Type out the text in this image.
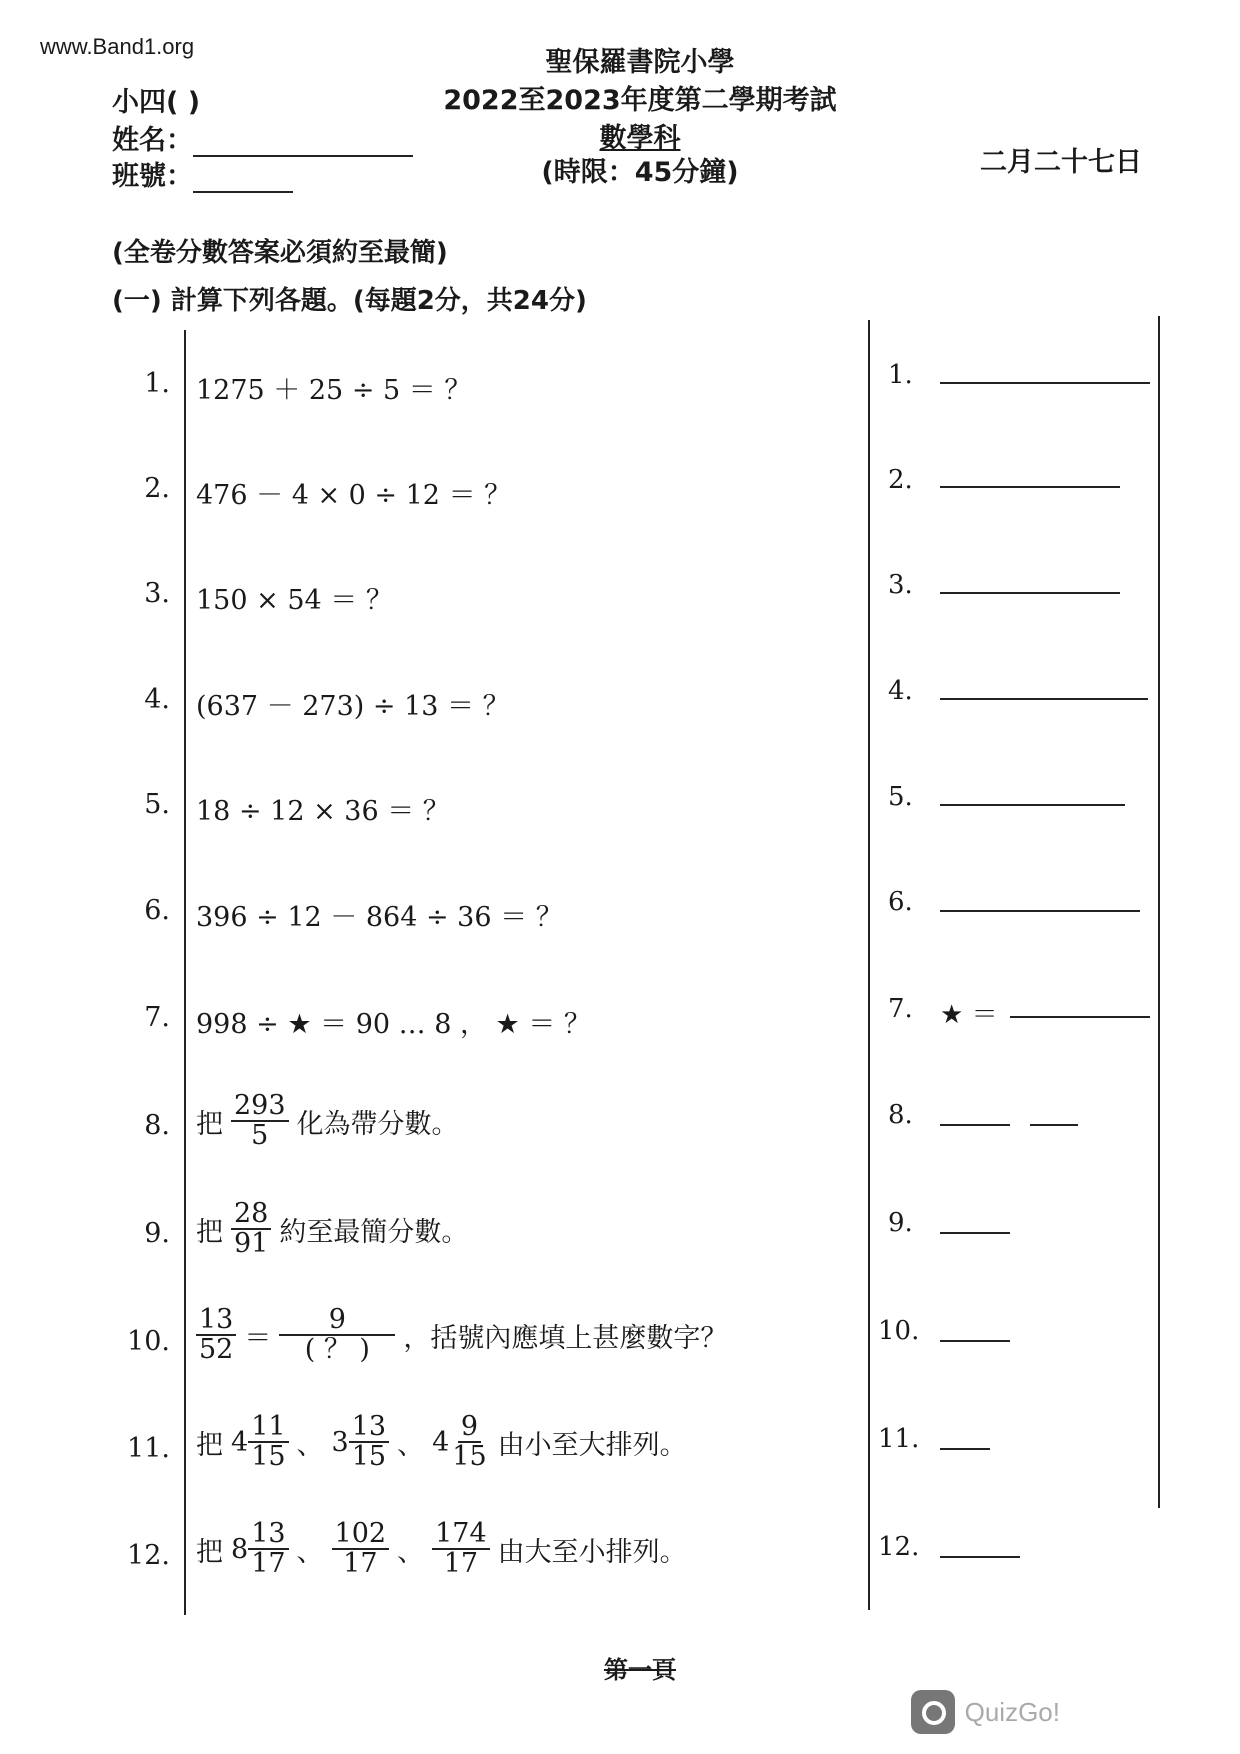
www.Band1.org
聖保羅書院小學
2022至2023年度第二學期考試
數學科
(時限：45分鐘)	二月二十七日
小四( )
姓名：
班號：
(全卷分數答案必須約至最簡)
(一) 計算下列各題。(每題2分，共24分)
1. 1275 ＋ 25 ÷ 5 ＝ ？
2. 476 － 4 × 0 ÷ 12 ＝ ？
3. 150 × 54 ＝ ？
4. (637 － 273) ÷ 13 ＝ ？
5. 18 ÷ 12 × 36 ＝ ？
6. 396 ÷ 12 － 864 ÷ 36 ＝ ？
7. 998 ÷ ★ ＝ 90 … 8 ， ★ ＝ ？
8. 把 $\frac{293}{5}$ 化為帶分數。
9. 把 $\frac{28}{91}$ 約至最簡分數。
10. $\frac{13}{52} = \frac{9}{( ? )}$ ，括號內應填上甚麼數字？
11. 把 $4 \frac{11}{15}$ 、 $3 \frac{13}{15}$ 、 $4 \frac{9}{15}$ 由小至大排列。
12. 把 $8 \frac{13}{17}$ 、 $\frac{102}{17}$ 、 $\frac{174}{17}$ 由大至小排列。
1.
2.
3.
4.
5.
6.
7. ★ ＝
8.
9.
10.
11.
12.
第一頁
QuizGo!
